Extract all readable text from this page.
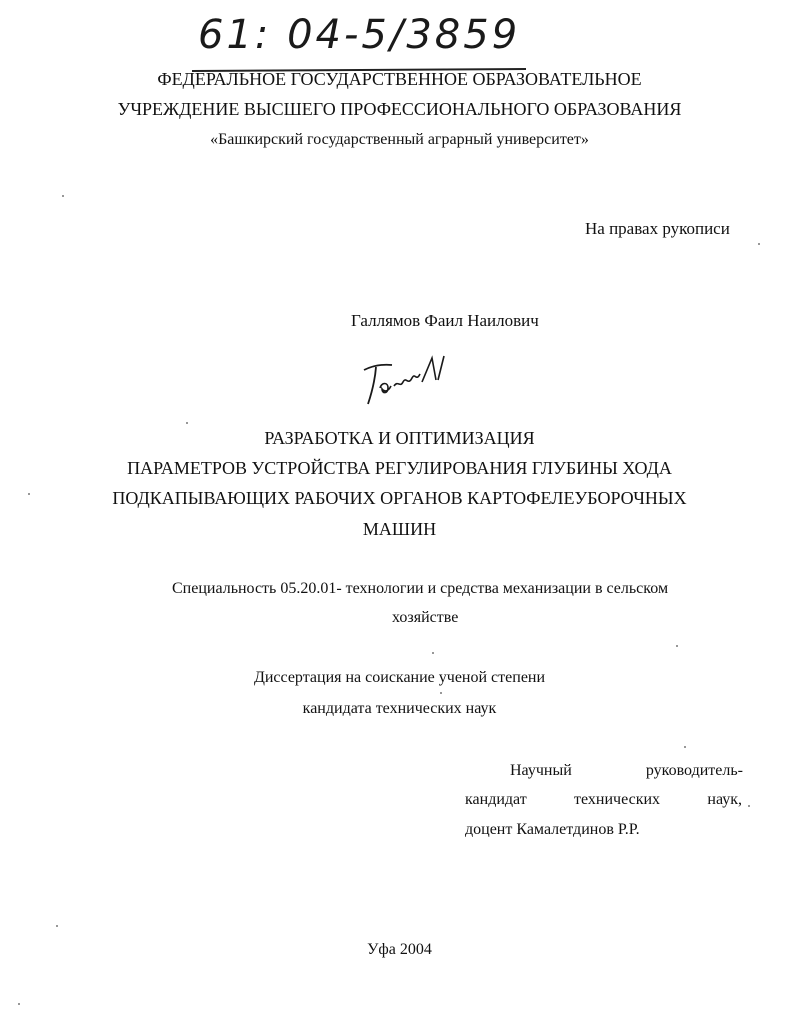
61: 04-5/3859
ФЕДЕРАЛЬНОЕ ГОСУДАРСТВЕННОЕ ОБРАЗОВАТЕЛЬНОЕ
УЧРЕЖДЕНИЕ ВЫСШЕГО ПРОФЕССИОНАЛЬНОГО ОБРАЗОВАНИЯ
«Башкирский государственный аграрный университет»
На правах рукописи
Галлямов Фаил Наилович
РАЗРАБОТКА И ОПТИМИЗАЦИЯ
ПАРАМЕТРОВ УСТРОЙСТВА РЕГУЛИРОВАНИЯ ГЛУБИНЫ ХОДА
ПОДКАПЫВАЮЩИХ РАБОЧИХ ОРГАНОВ КАРТОФЕЛЕУБОРОЧНЫХ
МАШИН
Специальность 05.20.01- технологии и средства механизации в сельском
хозяйстве
Диссертация на соискание ученой степени
кандидата технических наук
Научный	руководитель-
кандидат	технических	наук,
доцент Камалетдинов Р.Р.
Уфа 2004
